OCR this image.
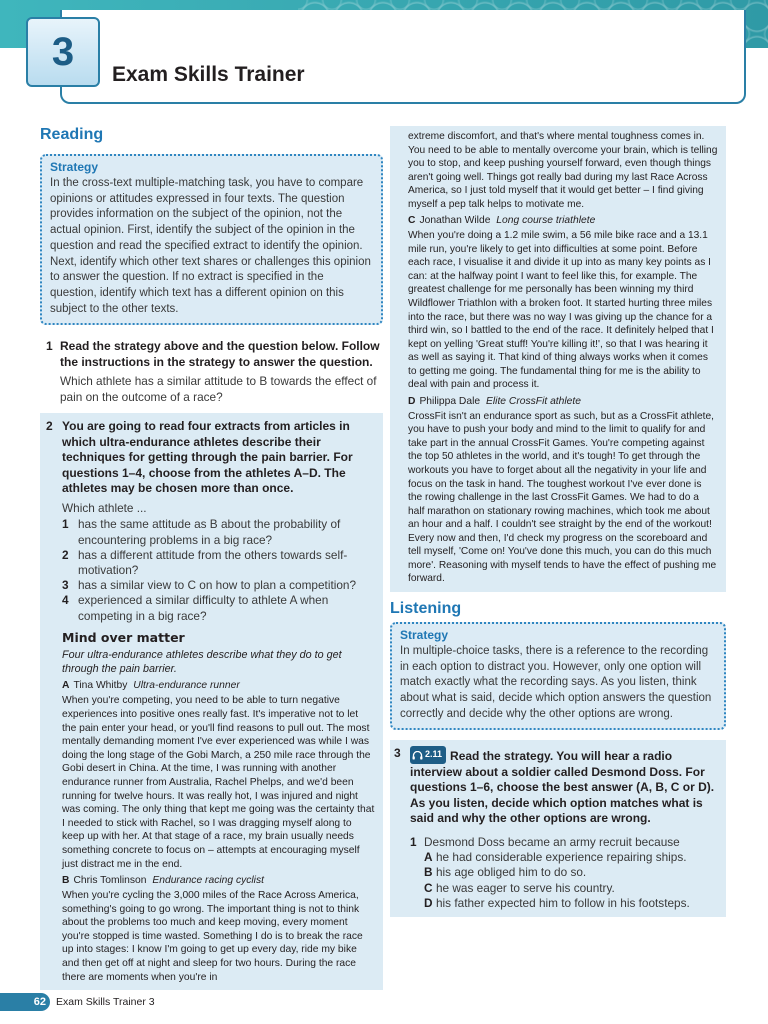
3
Exam Skills Trainer
Reading
Strategy
In the cross-text multiple-matching task, you have to compare opinions or attitudes expressed in four texts. The question provides information on the subject of the opinion, not the actual opinion. First, identify the subject of the opinion in the question and read the specified extract to identify the opinion. Next, identify which other text shares or challenges this opinion to answer the question. If no extract is specified in the question, identify which text has a different opinion on this subject to the other texts.
1 Read the strategy above and the question below. Follow the instructions in the strategy to answer the question.
Which athlete has a similar attitude to B towards the effect of pain on the outcome of a race?
2 You are going to read four extracts from articles in which ultra-endurance athletes describe their techniques for getting through the pain barrier. For questions 1–4, choose from the athletes A–D. The athletes may be chosen more than once.
Which athlete ...
1 has the same attitude as B about the probability of encountering problems in a big race?
2 has a different attitude from the others towards self-motivation?
3 has a similar view to C on how to plan a competition?
4 experienced a similar difficulty to athlete A when competing in a big race?
Mind over matter
Four ultra-endurance athletes describe what they do to get through the pain barrier.
A Tina Whitby Ultra-endurance runner
When you're competing, you need to be able to turn negative experiences into positive ones really fast. It's imperative not to let the pain enter your head, or you'll find reasons to pull out. The most mentally demanding moment I've ever experienced was while I was doing the long stage of the Gobi March, a 250 mile race through the Gobi desert in China. At the time, I was running with another endurance runner from Australia, Rachel Phelps, and we'd been running for twelve hours. It was really hot, I was injured and night was coming. The only thing that kept me going was the certainty that I needed to stick with Rachel, so I was dragging myself along to keep up with her. At that stage of a race, my brain usually needs something concrete to focus on – attempts at encouraging myself just distract me in the end.
B Chris Tomlinson Endurance racing cyclist
When you're cycling the 3,000 miles of the Race Across America, something's going to go wrong. The important thing is not to think about the problems too much and keep moving, every moment you're stopped is time wasted. Something I do is to break the race up into stages: I know I'm going to get up every day, ride my bike and then get off at night and sleep for two hours. During the race there are moments when you're in
extreme discomfort, and that's where mental toughness comes in. You need to be able to mentally overcome your brain, which is telling you to stop, and keep pushing yourself forward, even though things aren't going well. Things got really bad during my last Race Across America, so I just told myself that it would get better – I find giving myself a pep talk helps to motivate me.
C Jonathan Wilde Long course triathlete
When you're doing a 1.2 mile swim, a 56 mile bike race and a 13.1 mile run, you're likely to get into difficulties at some point. Before each race, I visualise it and divide it up into as many key points as I can: at the halfway point I want to feel like this, for example. The greatest challenge for me personally has been winning my third Wildflower Triathlon with a broken foot. It started hurting three miles into the race, but there was no way I was giving up the chance for a third win, so I battled to the end of the race. It definitely helped that I kept on yelling 'Great stuff! You're killing it!', so that I was hearing it as well as saying it. That kind of thing always works when it comes to getting me going. The fundamental thing for me is the ability to deal with pain and process it.
D Philippa Dale Elite CrossFit athlete
CrossFit isn't an endurance sport as such, but as a CrossFit athlete, you have to push your body and mind to the limit to qualify for and take part in the annual CrossFit Games. You're competing against the top 50 athletes in the world, and it's tough! To get through the workouts you have to forget about all the negativity in your life and focus on the task in hand. The toughest workout I've ever done is the rowing challenge in the last CrossFit Games. We had to do a half marathon on stationary rowing machines, which took me about an hour and a half. I couldn't see straight by the end of the workout! Every now and then, I'd check my progress on the scoreboard and tell myself, 'Come on! You've done this much, you can do this much more'. Reasoning with myself tends to have the effect of pushing me forward.
Listening
Strategy
In multiple-choice tasks, there is a reference to the recording in each option to distract you. However, only one option will match exactly what the recording says. As you listen, think about what is said, decide which option answers the question correctly and decide why the other options are wrong.
3	2.11 Read the strategy. You will hear a radio interview about a soldier called Desmond Doss. For questions 1–6, choose the best answer (A, B, C or D). As you listen, decide which option matches what is said and why the other options are wrong.
1 Desmond Doss became an army recruit because
A he had considerable experience repairing ships.
B his age obliged him to do so.
C he was eager to serve his country.
D his father expected him to follow in his footsteps.
62 Exam Skills Trainer 3
